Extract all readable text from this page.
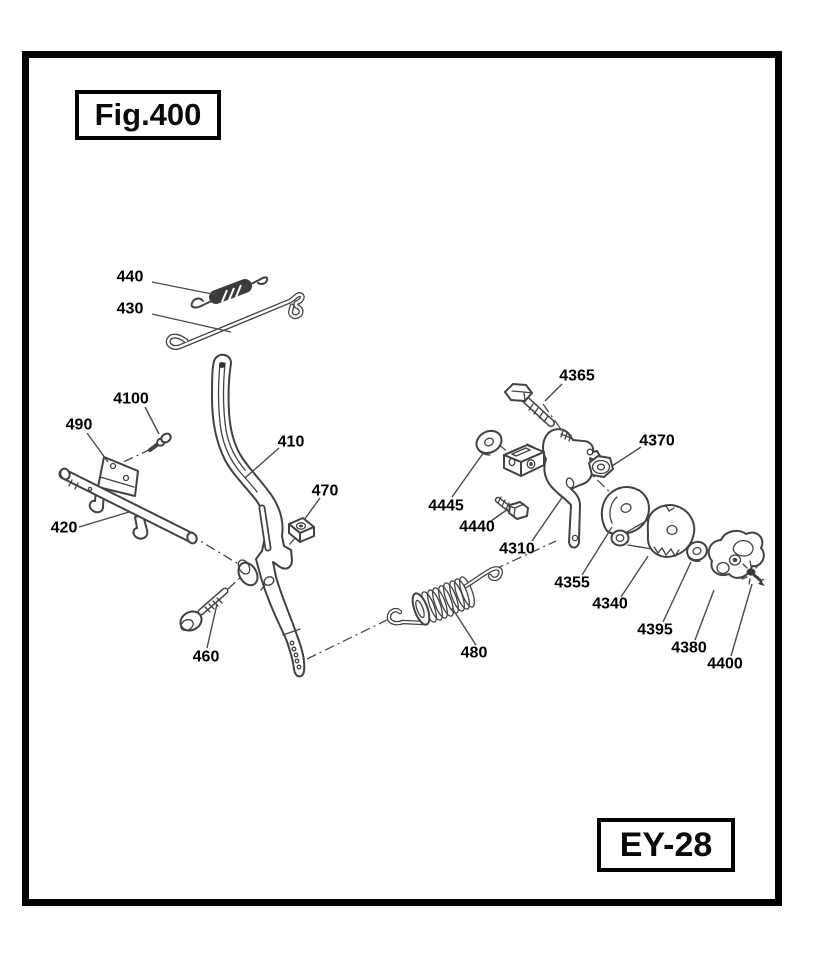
Fig.400
EY-28
440
430
4100
490
410
470
420
460	480
4445
4440
4310
4365
4370
4355
4340
4395
4380
4400
